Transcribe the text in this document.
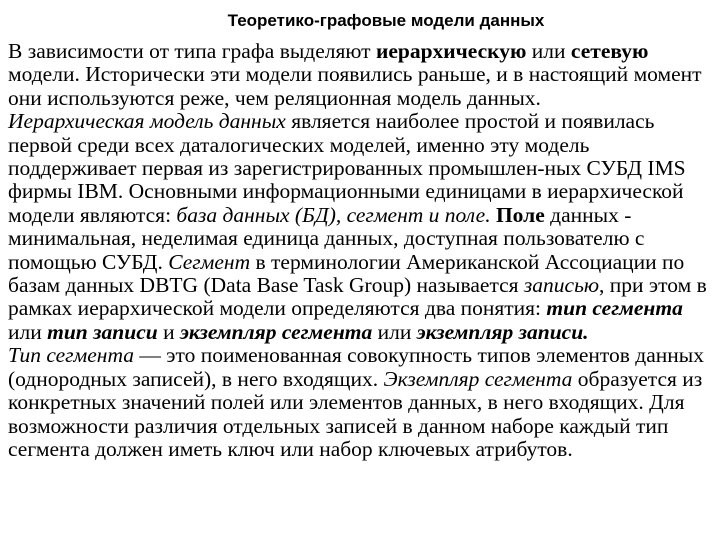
Теоретико-графовые модели данных

В зависимости от типа графа выделяют иерархическую или сетевую модели. Исторически эти модели появились раньше, и в настоящий момент они используются реже, чем реляционная модель данных.

Иерархическая модель данных является наиболее простой и появилась первой среди всех даталогических моделей, именно эту модель поддерживает первая из зарегистрированных промышлен-ных СУБД IMS фирмы IBM. Основными информационными единицами в иерархической модели являются: база данных (БД), сегмент и поле. Поле данных - минимальная, неделимая единица данных, доступная пользователю с помощью СУБД. Сегмент в терминологии Американской Ассоциации по базам данных DBTG (Data Base Task Group) называется записью, при этом в рамках иерархической модели определяются два понятия: тип сегмента или тип записи и экземпляр сегмента или экземпляр записи.

Тип сегмента — это поименованная совокупность типов элементов данных (однородных записей), в него входящих. Экземпляр сегмента образуется из конкретных значений полей или элементов данных, в него входящих. Для возможности различия отдельных записей в данном наборе каждый тип сегмента должен иметь ключ или набор ключевых атрибутов.
